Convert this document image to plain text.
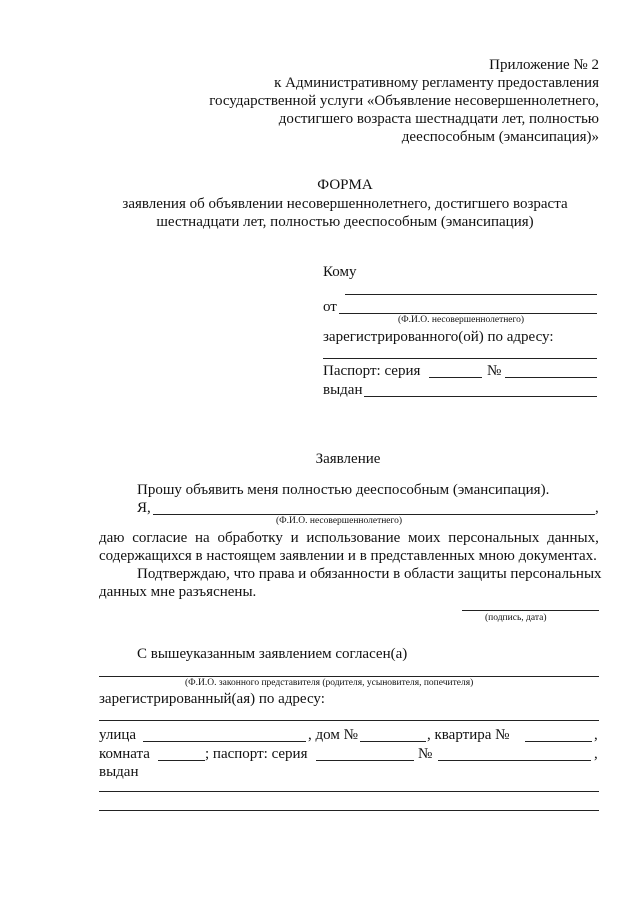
Приложение № 2
к Административному регламенту предоставления
государственной услуги «Объявление несовершеннолетнего,
достигшего возраста шестнадцати лет, полностью
дееспособным (эмансипация)»
ФОРМА
заявления об объявлении несовершеннолетнего, достигшего возраста
шестнадцати лет, полностью дееспособным (эмансипация)
Кому
от
(Ф.И.О. несовершеннолетнего)
зарегистрированного(ой) по адресу:
Паспорт: серия	№
выдан
Заявление
Прошу объявить меня полностью дееспособным (эмансипация).
Я,	,
(Ф.И.О. несовершеннолетнего)
даю согласие на обработку и использование моих персональных данных,
содержащихся в настоящем заявлении и в представленных мною документах.
Подтверждаю, что права и обязанности в области защиты персональных
данных мне разъяснены.
(подпись, дата)
С вышеуказанным заявлением согласен(а)
(Ф.И.О. законного представителя (родителя, усыновителя, попечителя)
зарегистрированный(ая) по адресу:
улица	, дом №	, квартира №	,
комната	; паспорт: серия	№	,
выдан
